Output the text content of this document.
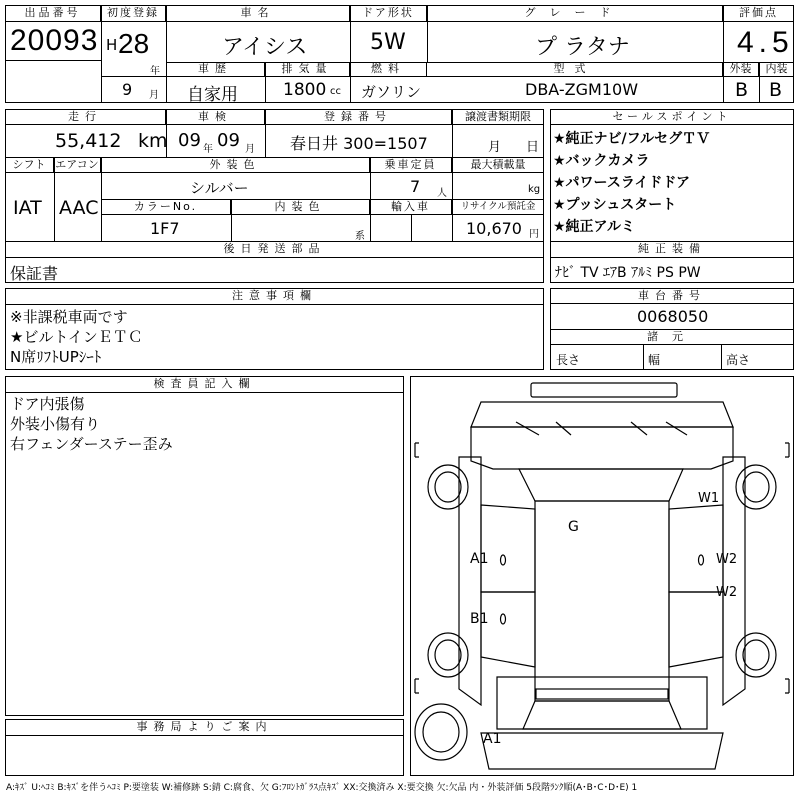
出品番号
20093
初度登録
H 28
年
9 月
車名
アイシス
ドア形状
5W
グレード
プ ラタナ
評価点
4.5
車歴
自家用
排気量
1800 cc
燃料
ガソリン
型式
DBA-ZGM10W
外装	内装
B B
走行
55,412 km
車検
09 年 09 月
登録番号
春日井 300=1507
譲渡書類期限
月 日
シフト
IAT
エアコン
AAC
外装色
シルバー
乗車定員
7 人
最大積載量
kg
カラーNo.
1F7
内装色
系
輸入車	リサイクル預託金
10,670 円
後日発送部品
保証書
セールスポイント
★純正ナビ/フルセグＴＶ
★バックカメラ
★パワースライドドア
★プッシュスタート
★純正アルミ
純正装備
ﾅﾋﾞ TV ｴｱB ｱﾙﾐ PS PW
注意事項欄
※非課税車両です
★ビルトインＥＴＣ
N席ﾘﾌﾄUPｼｰﾄ
車台番号
0068050
諸元
長さ	幅	高さ
検査員記入欄
ドア内張傷
外装小傷有り
右フェンダーステー歪み
事務局よりご案内
G
W1
A1	W2
B1
W2
A1
A:ｷｽﾞ U:ﾍｺﾐ B:ｷｽﾞを伴うﾍｺﾐ P:要塗装 W:補修跡 S:錆 C:腐食、欠 G:ﾌﾛﾝﾄｶﾞﾗｽ点ｷｽﾞ XX:交換済み X:要交換 欠:欠品 内・外装評価 5段階ﾗﾝｸ順(A･B･C･D･E) 1
